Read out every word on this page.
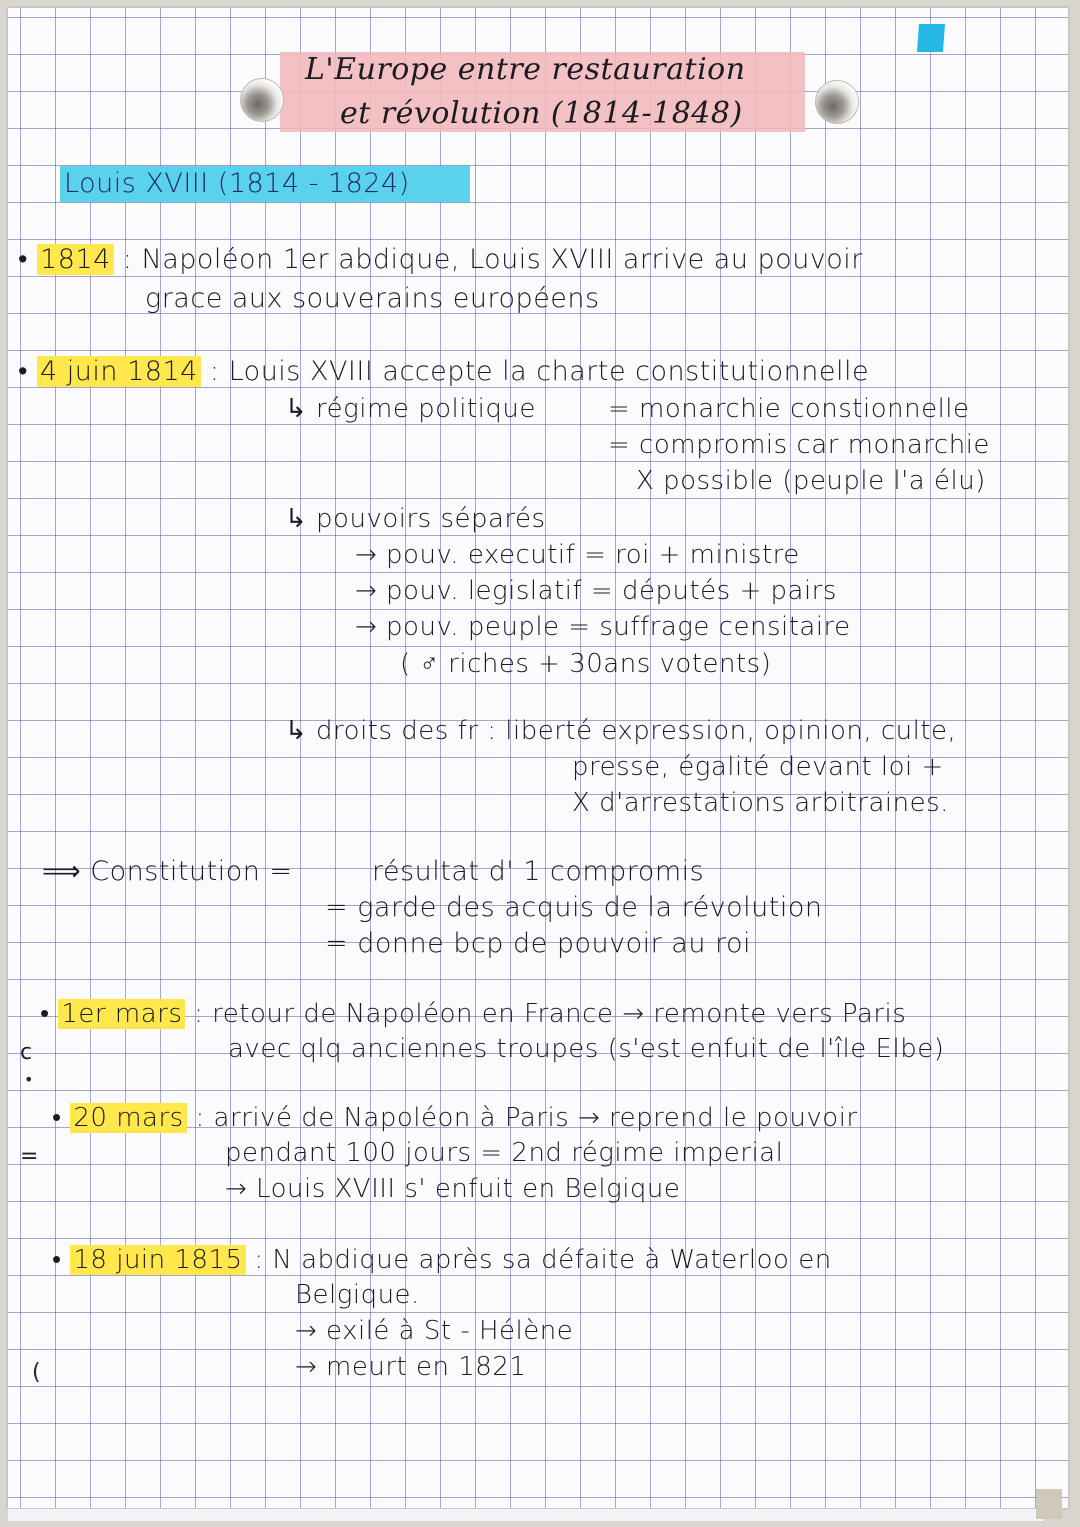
L'Europe entre restauration
et révolution (1814-1848)
Louis XVIII (1814 - 1824)
• 1814 : Napoléon 1er abdique, Louis XVIII arrive au pouvoir
grace aux souverains européens
• 4 juin 1814 : Louis XVIII accepte la charte constitutionnelle
↳ régime politique	= monarchie constionnelle
= compromis car monarchie
X possible (peuple l'a élu)
↳ pouvoirs séparés
→ pouv. executif = roi + ministre
→ pouv. legislatif = députés + pairs
→ pouv. peuple = suffrage censitaire
( ♂ riches + 30ans votents)
↳ droits des fr : liberté expression, opinion, culte,
presse, égalité devant loi +
X d'arrestations arbitraines.
⟹ Constitution =	résultat d' 1 compromis
= garde des acquis de la révolution
= donne bcp de pouvoir au roi
• 1er mars : retour de Napoléon en France → remonte vers Paris
avec qlq anciennes troupes (s'est enfuit de l'île Elbe)
• 20 mars : arrivé de Napoléon à Paris → reprend le pouvoir
pendant 100 jours = 2nd régime imperial
→ Louis XVIII s' enfuit en Belgique
• 18 juin 1815 : N abdique après sa défaite à Waterloo en
Belgique.
→ exilé à St - Hélène
→ meurt en 1821
c
•
=
(
